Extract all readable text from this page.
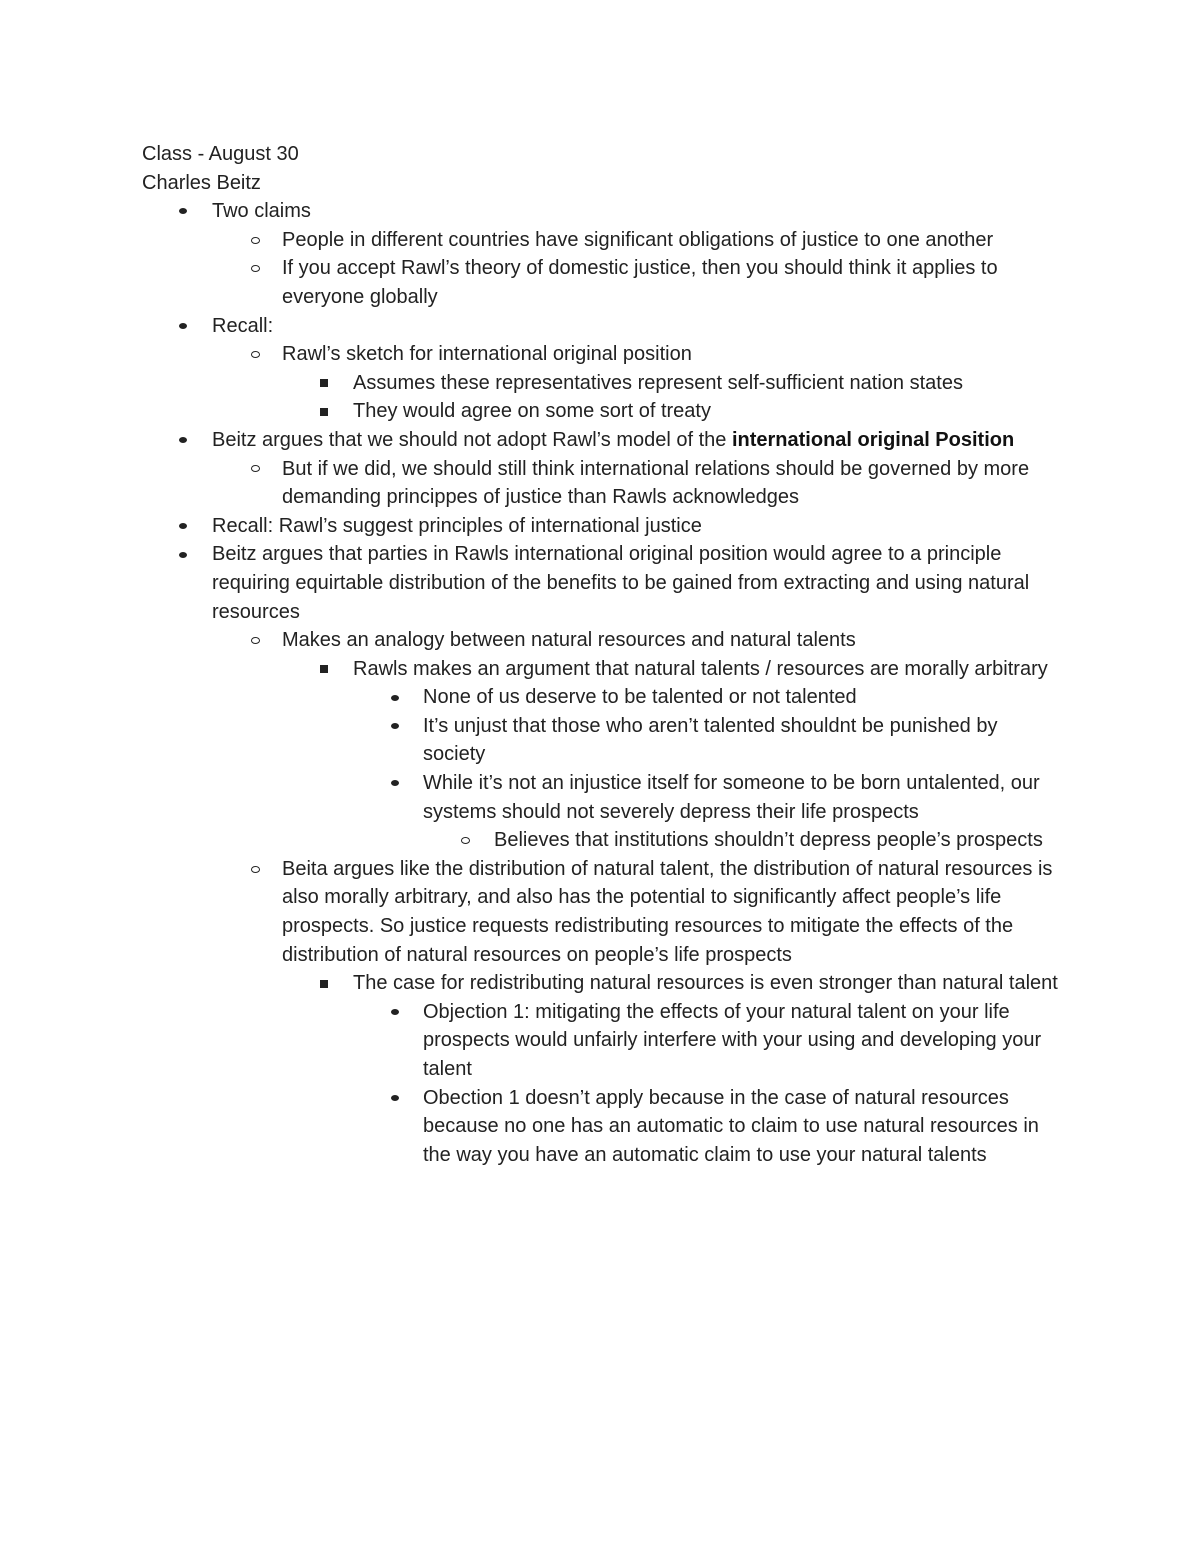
Class - August 30

Charles Beitz

Two claims
People in different countries have significant obligations of justice to one another
If you accept Rawl’s theory of domestic justice, then you should think it applies to everyone globally
Recall:
Rawl’s sketch for international original position
Assumes these representatives represent self-sufficient nation states
They would agree on some sort of treaty
Beitz argues that we should not adopt Rawl’s model of the international original Position
But if we did, we should still think international relations should be governed by more demanding princippes of justice than Rawls acknowledges
Recall: Rawl’s suggest principles of international justice
Beitz argues that parties in Rawls international original position would agree to a principle requiring equirtable distribution of the benefits to be gained from extracting and using natural resources
Makes an analogy between natural resources and natural talents
Rawls makes an argument that natural talents / resources are morally arbitrary
None of us deserve to be talented or not talented
It’s unjust that those who aren’t talented shouldnt be punished by society
While it’s not an injustice itself for someone to be born untalented, our systems should not severely depress their life prospects
Believes that institutions shouldn’t depress people’s prospects
Beita argues like the distribution of natural talent, the distribution of natural resources is also morally arbitrary, and also has the potential to significantly affect people’s life prospects. So justice requests redistributing resources to mitigate the effects of the distribution of natural resources on people’s life prospects
The case for redistributing natural resources is even stronger than natural talent
Objection 1: mitigating the effects of your natural talent on your life prospects would unfairly interfere with your using and developing your talent
Obection 1 doesn’t apply because in the case of natural resources because no one has an automatic to claim to use natural resources in the way you have an automatic claim to use your natural talents
